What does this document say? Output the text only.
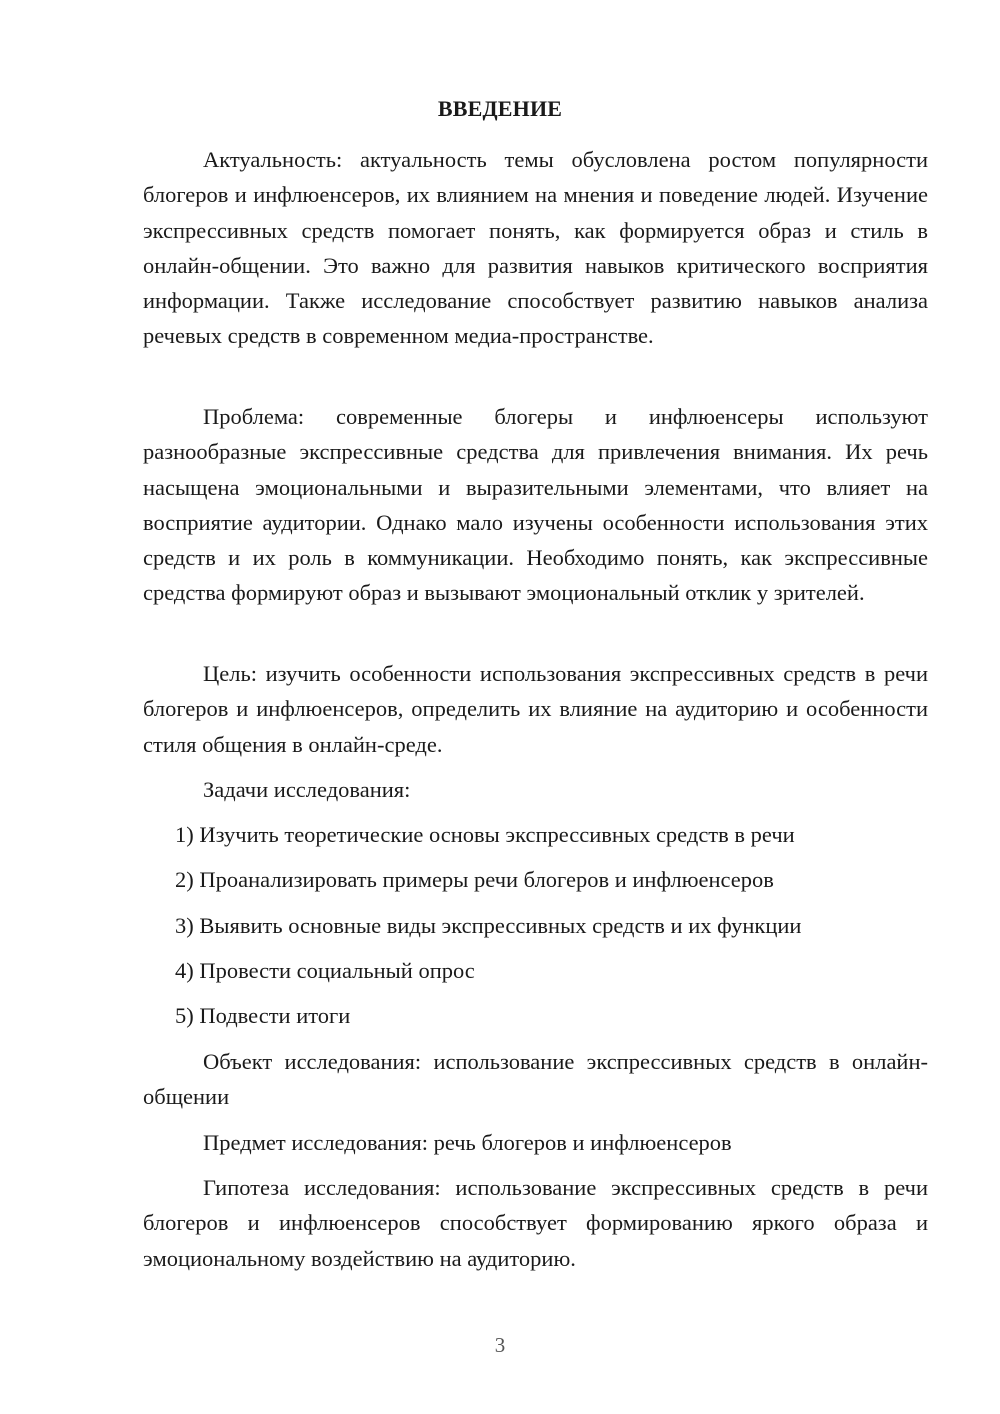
ВВЕДЕНИЕ
Актуальность: актуальность темы обусловлена ростом популярности блогеров и инфлюенсеров, их влиянием на мнения и поведение людей. Изучение экспрессивных средств помогает понять, как формируется образ и стиль в онлайн-общении. Это важно для развития навыков критического восприятия информации. Также исследование способствует развитию навыков анализа речевых средств в современном медиа-пространстве.
Проблема: современные блогеры и инфлюенсеры используют разнообразные экспрессивные средства для привлечения внимания. Их речь насыщена эмоциональными и выразительными элементами, что влияет на восприятие аудитории. Однако мало изучены особенности использования этих средств и их роль в коммуникации. Необходимо понять, как экспрессивные средства формируют образ и вызывают эмоциональный отклик у зрителей.
Цель: изучить особенности использования экспрессивных средств в речи блогеров и инфлюенсеров, определить их влияние на аудиторию и особенности стиля общения в онлайн-среде.
Задачи исследования:
1) Изучить теоретические основы экспрессивных средств в речи
2) Проанализировать примеры речи блогеров и инфлюенсеров
3) Выявить основные виды экспрессивных средств и их функции
4) Провести социальный опрос
5) Подвести итоги
Объект исследования: использование экспрессивных средств в онлайн-общении
Предмет исследования: речь блогеров и инфлюенсеров
Гипотеза исследования: использование экспрессивных средств в речи блогеров и инфлюенсеров способствует формированию яркого образа и эмоциональному воздействию на аудиторию.
3
